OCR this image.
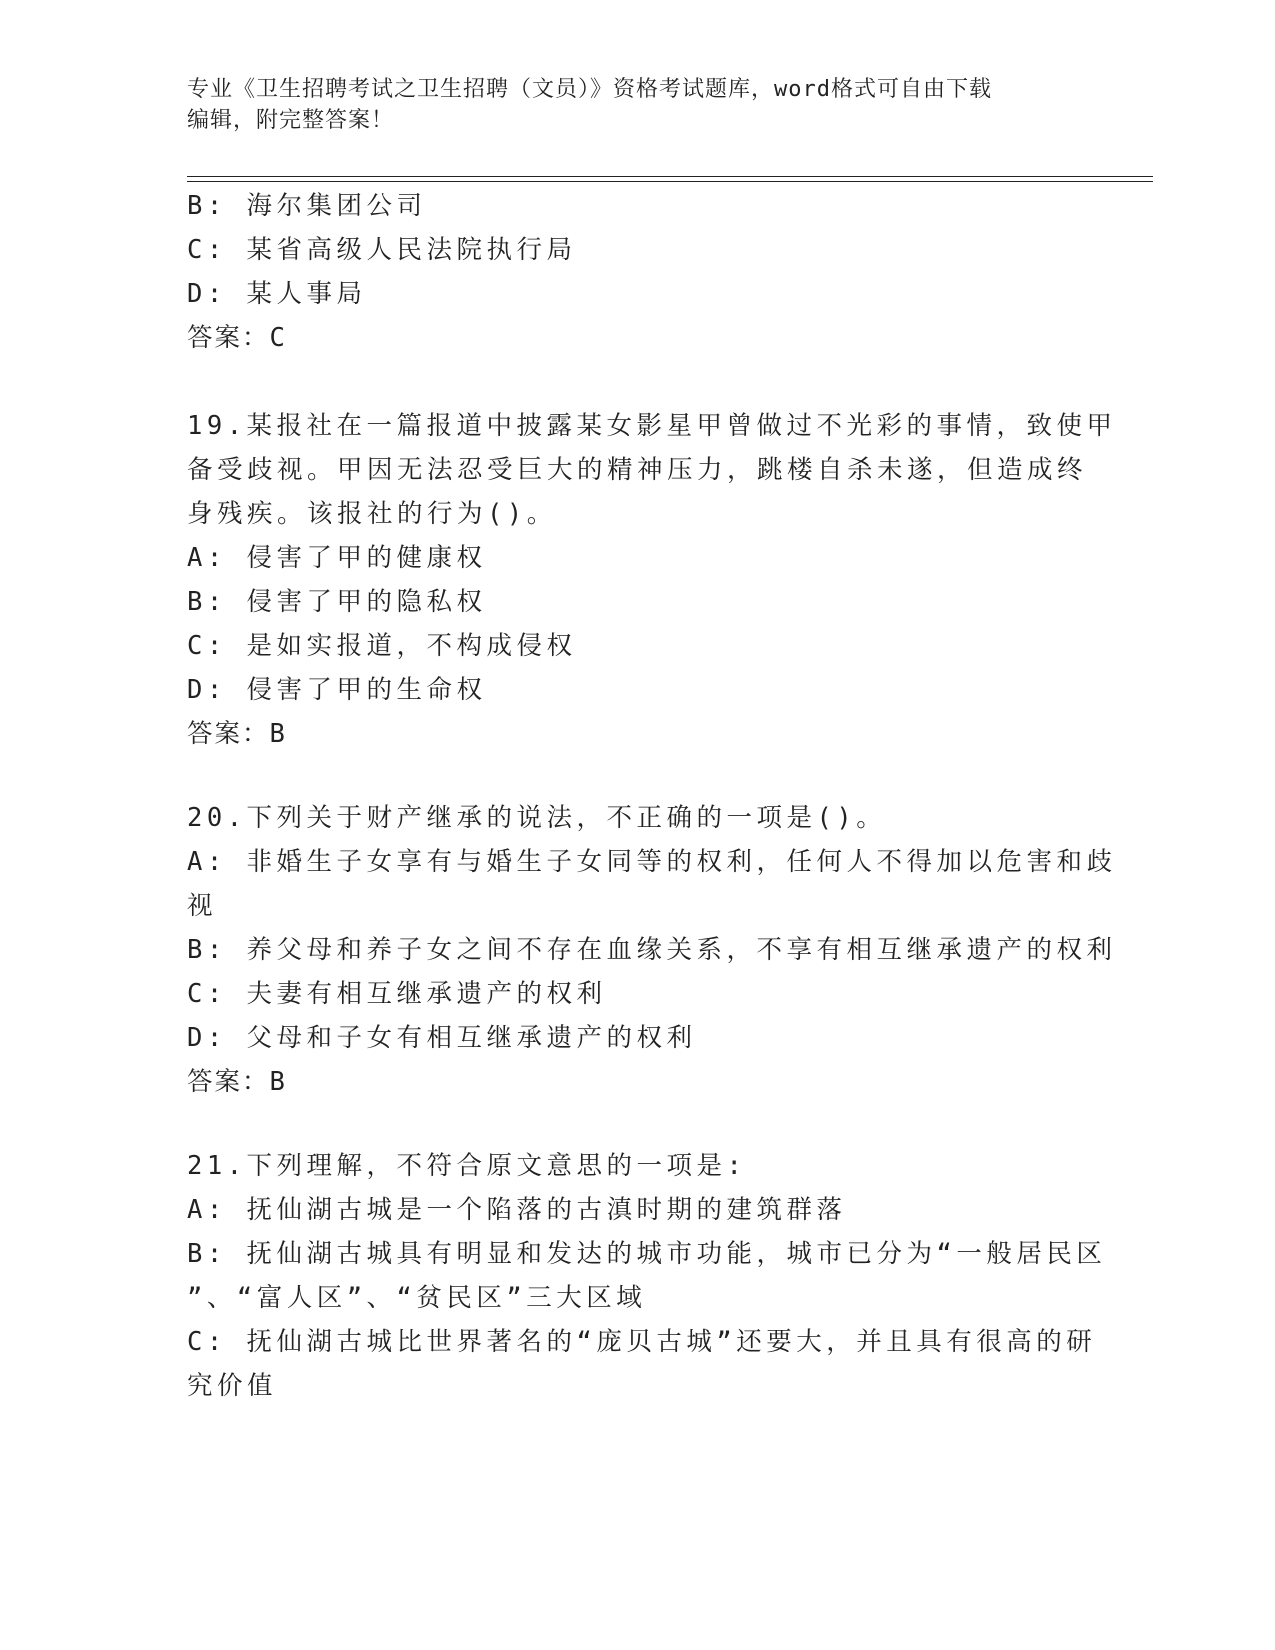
专业《卫生招聘考试之卫生招聘（文员）》资格考试题库，word格式可自由下载
编辑，附完整答案！
B: 海尔集团公司
C: 某省高级人民法院执行局
D: 某人事局
答案：C
19.某报社在一篇报道中披露某女影星甲曾做过不光彩的事情，致使甲
备受歧视。甲因无法忍受巨大的精神压力，跳楼自杀未遂，但造成终
身残疾。该报社的行为()。
A: 侵害了甲的健康权
B: 侵害了甲的隐私权
C: 是如实报道，不构成侵权
D: 侵害了甲的生命权
答案：B
20.下列关于财产继承的说法，不正确的一项是()。
A: 非婚生子女享有与婚生子女同等的权利，任何人不得加以危害和歧
视
B: 养父母和养子女之间不存在血缘关系，不享有相互继承遗产的权利
C: 夫妻有相互继承遗产的权利
D: 父母和子女有相互继承遗产的权利
答案：B
21.下列理解，不符合原文意思的一项是:
A: 抚仙湖古城是一个陷落的古滇时期的建筑群落
B: 抚仙湖古城具有明显和发达的城市功能，城市已分为“一般居民区
”、“富人区”、“贫民区”三大区域
C: 抚仙湖古城比世界著名的“庞贝古城”还要大，并且具有很高的研
究价值
